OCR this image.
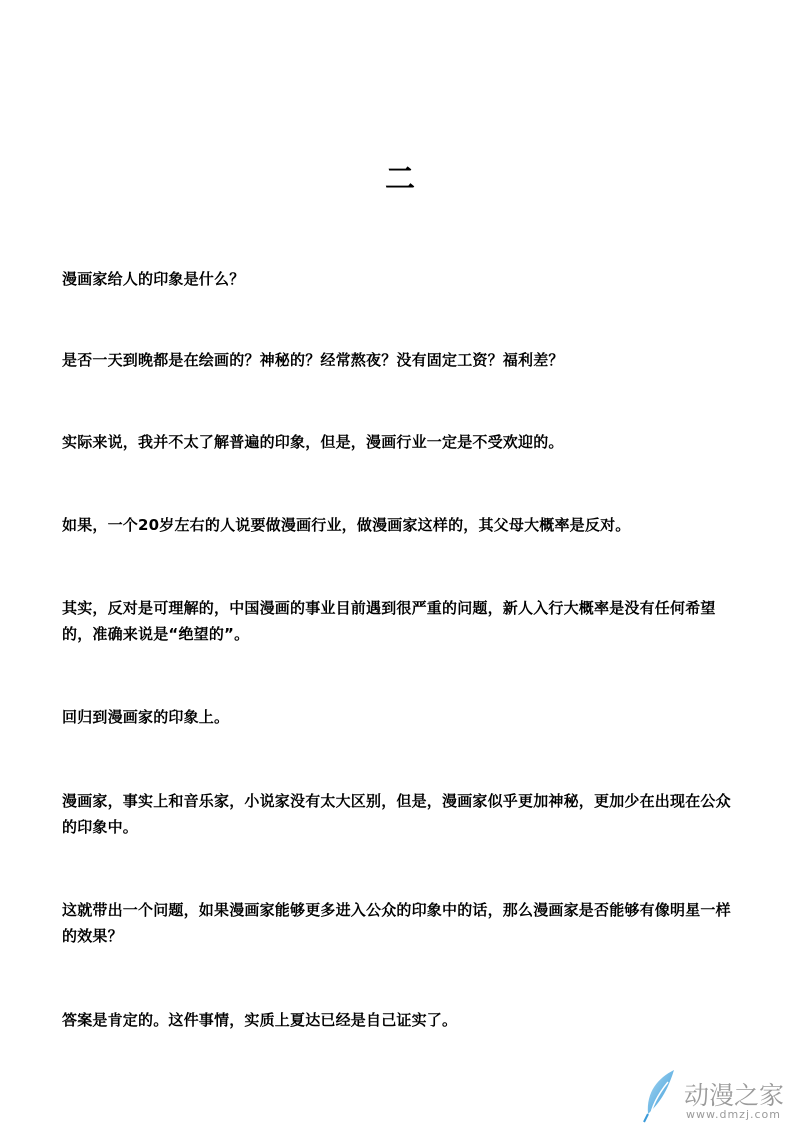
二
漫画家给人的印象是什么？
是否一天到晚都是在绘画的？神秘的？经常熬夜？没有固定工资？福利差？
实际来说，我并不太了解普遍的印象，但是，漫画行业一定是不受欢迎的。
如果，一个20岁左右的人说要做漫画行业，做漫画家这样的，其父母大概率是反对。
其实，反对是可理解的，中国漫画的事业目前遇到很严重的问题，新人入行大概率是没有任何希望的，准确来说是“绝望的”。
回归到漫画家的印象上。
漫画家，事实上和音乐家，小说家没有太大区别，但是，漫画家似乎更加神秘，更加少在出现在公众的印象中。
这就带出一个问题，如果漫画家能够更多进入公众的印象中的话，那么漫画家是否能够有像明星一样的效果？
答案是肯定的。这件事情，实质上夏达已经是自己证实了。
动漫之家
www.dmzj.com
